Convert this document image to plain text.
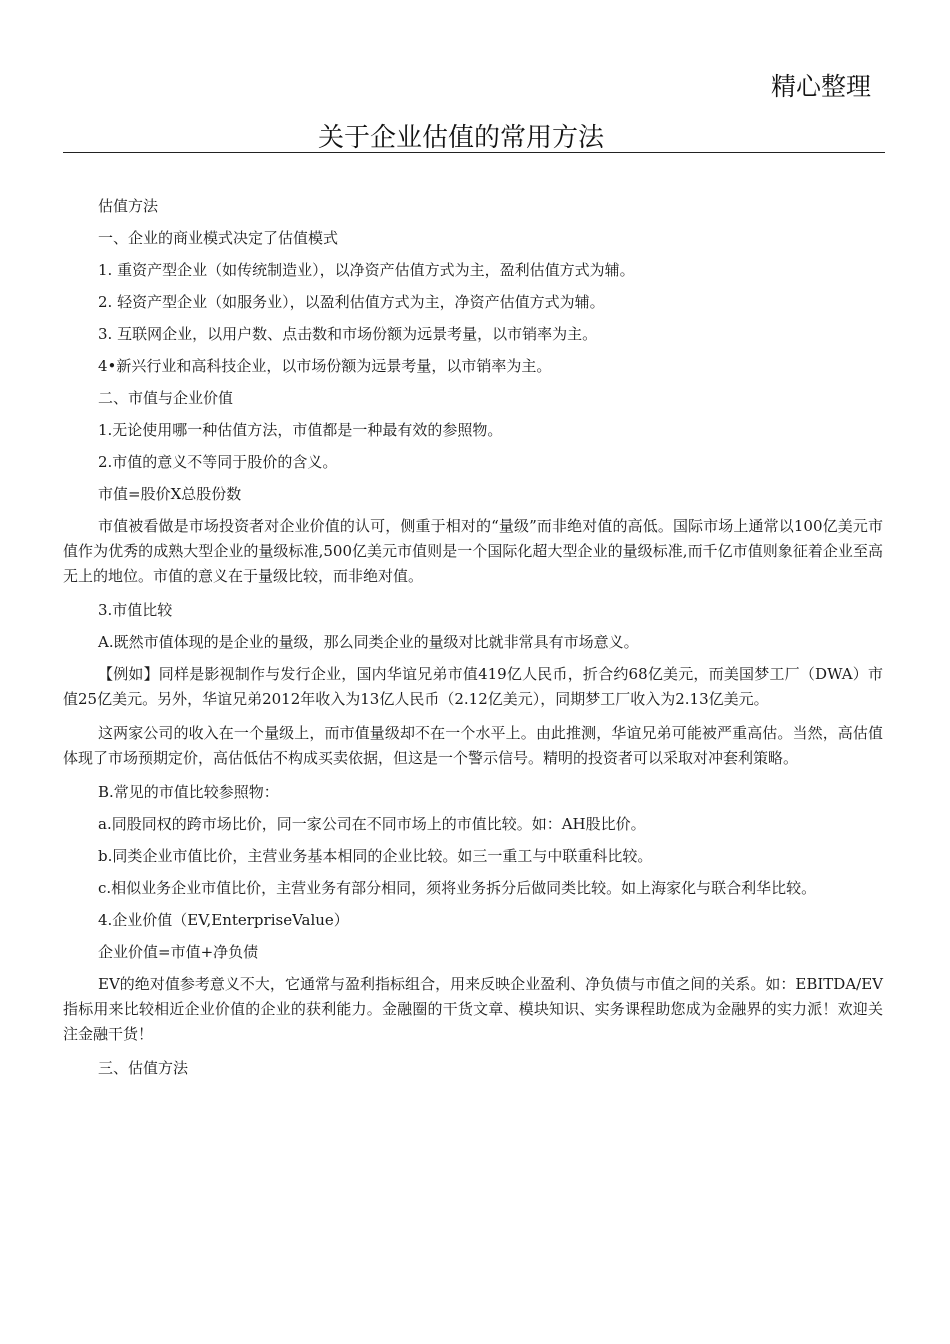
精心整理
关于企业估值的常用方法

估值方法

一、企业的商业模式决定了估值模式

1. 重资产型企业（如传统制造业），以净资产估值方式为主，盈利估值方式为辅。

2. 轻资产型企业（如服务业），以盈利估值方式为主，净资产估值方式为辅。

3. 互联网企业，以用户数、点击数和市场份额为远景考量，以市销率为主。

4•新兴行业和高科技企业，以市场份额为远景考量，以市销率为主。

二、市值与企业价值

1.无论使用哪一种估值方法，市值都是一种最有效的参照物。

2.市值的意义不等同于股价的含义。

市值=股价X总股份数

市值被看做是市场投资者对企业价值的认可，侧重于相对的“量级”而非绝对值的高低。国际市场上通常以100亿美元市值作为优秀的成熟大型企业的量级标准,500亿美元市值则是一个国际化超大型企业的量级标准,而千亿市值则象征着企业至高无上的地位。市值的意义在于量级比较，而非绝对值。

3.市值比较

A.既然市值体现的是企业的量级，那么同类企业的量级对比就非常具有市场意义。

【例如】同样是影视制作与发行企业，国内华谊兄弟市值419亿人民币，折合约68亿美元，而美国梦工厂（DWA）市值25亿美元。另外，华谊兄弟2012年收入为13亿人民币（2.12亿美元），同期梦工厂收入为2.13亿美元。

这两家公司的收入在一个量级上，而市值量级却不在一个水平上。由此推测，华谊兄弟可能被严重高估。当然，高估值体现了市场预期定价，高估低估不构成买卖依据，但这是一个警示信号。精明的投资者可以采取对冲套利策略。

B.常见的市值比较参照物：

a.同股同权的跨市场比价，同一家公司在不同市场上的市值比较。如：AH股比价。

b.同类企业市值比价，主营业务基本相同的企业比较。如三一重工与中联重科比较。

c.相似业务企业市值比价，主营业务有部分相同，须将业务拆分后做同类比较。如上海家化与联合利华比较。

4.企业价值（EV,EnterpriseValue）

企业价值=市值+净负债

EV的绝对值参考意义不大，它通常与盈利指标组合，用来反映企业盈利、净负债与市值之间的关系。如：EBITDA/EV指标用来比较相近企业价值的企业的获利能力。金融圈的干货文章、模块知识、实务课程助您成为金融界的实力派！欢迎关注金融干货！

三、估值方法
